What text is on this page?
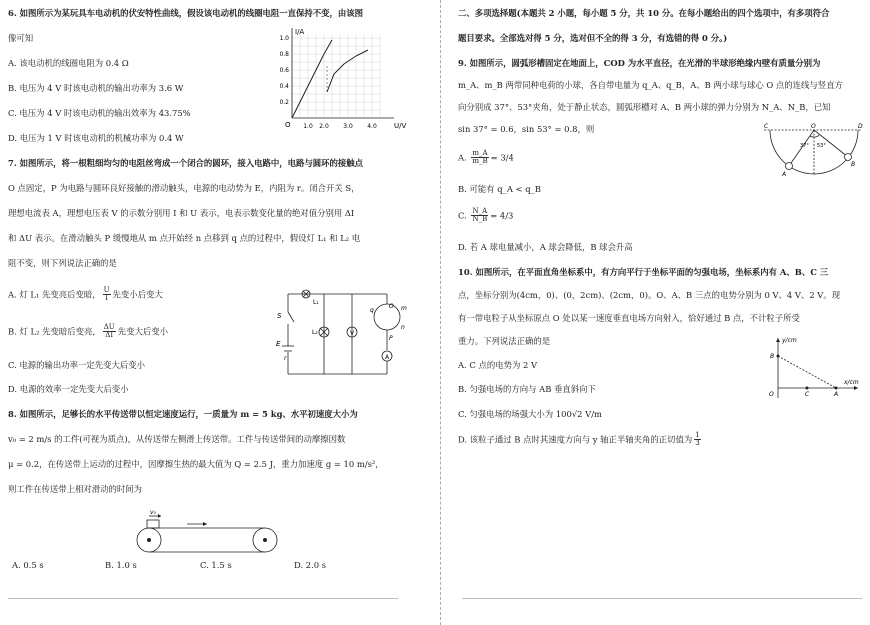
6. 如图所示为某玩具车电动机的伏安特性曲线，假设该电动机的线圈电阻一直保持不变，由该图
像可知
A. 该电动机的线圈电阻为 0.4 Ω
B. 电压为 4 V 时该电动机的输出功率为 3.6 W
C. 电压为 4 V 时该电动机的输出效率为 43.75%
D. 电压为 1 V 时该电动机的机械功率为 0.4 W
7. 如图所示，将一根粗细均匀的电阻丝弯成一个闭合的圆环，接入电路中，电路与圆环的接触点
O 点固定，P 为电路与圆环良好接触的滑动触头，电源的电动势为 E，内阻为 r。闭合开关 S，
理想电流表 A，理想电压表 V 的示数分别用 I 和 U 表示，电表示数变化量的绝对值分别用 ΔI
和 ΔU 表示。在滑动触头 P 缓慢地从 m 点开始经 n 点移到 q 点的过程中，假设灯 L₁ 和 L₂ 电
阻不变，则下列说法正确的是
A. 灯 L₁ 先变亮后变暗， $\frac{U}{I}$ 先变小后变大
B. 灯 L₂ 先变暗后变亮， $\frac{\Delta U}{\Delta I}$ 先变大后变小
C. 电源的输出功率一定先变大后变小
D. 电源的效率一定先变大后变小
8. 如图所示，足够长的水平传送带以恒定速度运行，一质量为 m = 5 kg、水平初速度大小为
v₀ = 2 m/s 的工件(可视为质点)，从传送带左侧滑上传送带。工件与传送带间的动摩擦因数
μ = 0.2，在传送带上运动的过程中，因摩擦生热的最大值为 Q = 2.5 J，重力加速度 g = 10 m/s²，
则工件在传送带上相对滑动的时间为
A. 0.5 s	B. 1.0 s	C. 1.5 s	D. 2.0 s
I/A
U/V
O 1.0 2.0 3.0 4.0
0.2
0.4
0.6
0.8
1.0
L₁
L₂
S
E
r
V
A
O
P
m
n
q
v₀
二、多项选择题(本题共 2 小题，每小题 5 分，共 10 分。在每小题给出的四个选项中，有多项符合
题目要求。全部选对得 5 分，选对但不全的得 3 分，有选错的得 0 分。)
9. 如图所示，圆弧形槽固定在地面上，COD 为水平直径，在光滑的半球形绝缘内壁有质量分别为
m_A、m_B 两带同种电荷的小球，各自带电量为 q_A、q_B，A、B 两小球与球心 O 点的连线与竖直方
向分别成 37°、53°夹角，处于静止状态，圆弧形槽对 A、B 两小球的弹力分别为 N_A、N_B，已知
sin 37° = 0.6，sin 53° = 0.8，则
A. $\frac{m\_A}{m\_B} = 3/4$
B. 可能有 q_A < q_B
C. $\frac{N\_A}{N\_B} = 4/3$
D. 若 A 球电量减小，A 球会降低，B 球会升高
10. 如图所示，在平面直角坐标系中，有方向平行于坐标平面的匀强电场，坐标系内有 A、B、C 三
点，坐标分别为(4cm，0)、(0，2cm)、(2cm，0)。O、A、B 三点的电势分别为 0 V、4 V、2 V。现
有一带电粒子从坐标原点 O 处以某一速度垂直电场方向射入，恰好通过 B 点，不计粒子所受
重力。下列说法正确的是
A. C 点的电势为 2 V
B. 匀强电场的方向与 AB 垂直斜向下
C. 匀强电场的场强大小为 100√2 V/m
D. 该粒子通过 B 点时其速度方向与 y 轴正半轴夹角的正切值为 $\frac{1}{3}$
C	O	D
A
B
37° 53°
y/cm
x/cm
O
B
C	A
